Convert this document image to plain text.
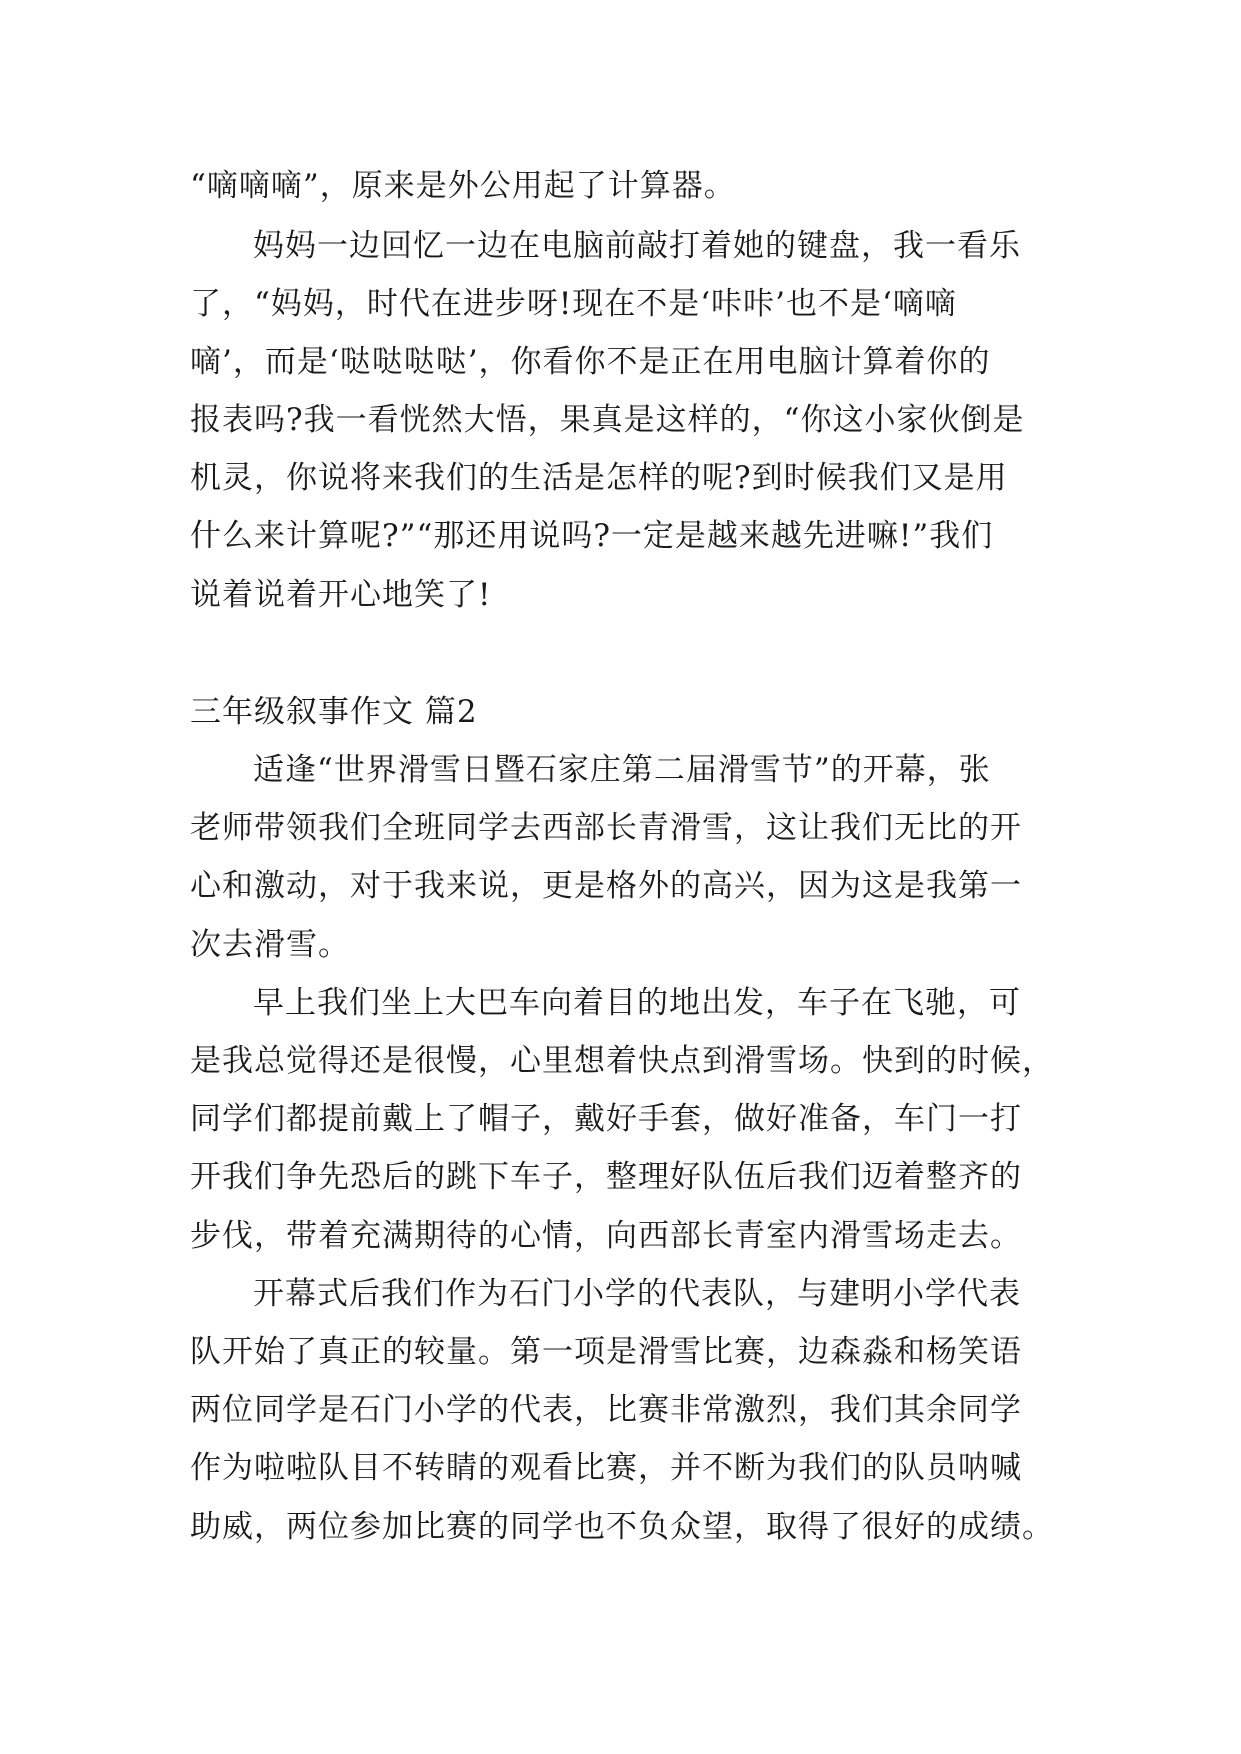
“嘀嘀嘀”，原来是外公用起了计算器。
妈妈一边回忆一边在电脑前敲打着她的键盘，我一看乐
了，“妈妈，时代在进步呀!现在不是‘咔咔’也不是‘嘀嘀
嘀’，而是‘哒哒哒哒’，你看你不是正在用电脑计算着你的
报表吗?我一看恍然大悟，果真是这样的，“你这小家伙倒是
机灵，你说将来我们的生活是怎样的呢?到时候我们又是用
什么来计算呢?”“那还用说吗?一定是越来越先进嘛!”我们
说着说着开心地笑了!
三年级叙事作文 篇2
适逢“世界滑雪日暨石家庄第二届滑雪节”的开幕，张
老师带领我们全班同学去西部长青滑雪，这让我们无比的开
心和激动，对于我来说，更是格外的高兴，因为这是我第一
次去滑雪。
早上我们坐上大巴车向着目的地出发，车子在飞驰，可
是我总觉得还是很慢，心里想着快点到滑雪场。快到的时候，
同学们都提前戴上了帽子，戴好手套，做好准备，车门一打
开我们争先恐后的跳下车子，整理好队伍后我们迈着整齐的
步伐，带着充满期待的心情，向西部长青室内滑雪场走去。
开幕式后我们作为石门小学的代表队，与建明小学代表
队开始了真正的较量。第一项是滑雪比赛，边森淼和杨笑语
两位同学是石门小学的代表，比赛非常激烈，我们其余同学
作为啦啦队目不转睛的观看比赛，并不断为我们的队员呐喊
助威，两位参加比赛的同学也不负众望，取得了很好的成绩。
